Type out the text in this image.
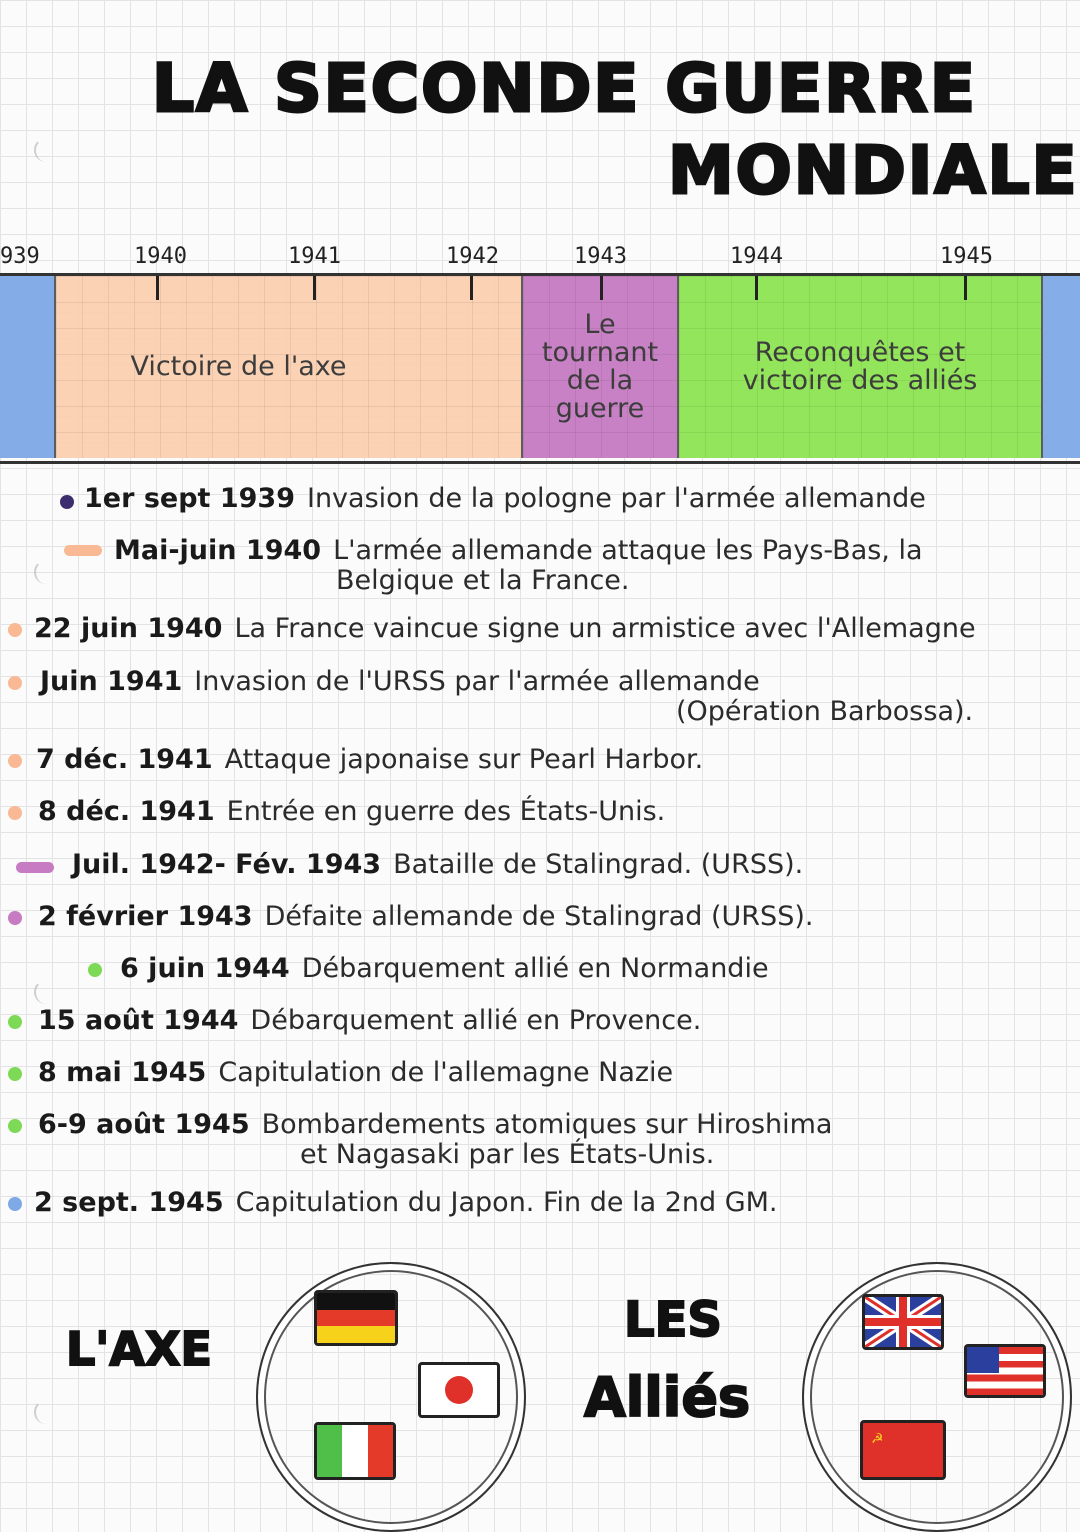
LA SECONDE GUERRE
MONDIALE
939	1940	1941	1942	1943	1944	1945
Victoire de l'axe
Le tournant de la guerre
Reconquêtes et victoire des alliés
1er sept 1939 Invasion de la pologne par l'armée allemande
Mai-juin 1940 L'armée allemande attaque les Pays-Bas, la
Belgique et la France.
22 juin 1940 La France vaincue signe un armistice avec l'Allemagne
Juin 1941 Invasion de l'URSS par l'armée allemande
(Opération Barbossa).
7 déc. 1941 Attaque japonaise sur Pearl Harbor.
8 déc. 1941 Entrée en guerre des États-Unis.
Juil. 1942- Fév. 1943 Bataille de Stalingrad. (URSS).
2 février 1943 Défaite allemande de Stalingrad (URSS).
6 juin 1944 Débarquement allié en Normandie
15 août 1944 Débarquement allié en Provence.
8 mai 1945 Capitulation de l'allemagne Nazie
6-9 août 1945 Bombardements atomiques sur Hiroshima
et Nagasaki par les États-Unis.
2 sept. 1945 Capitulation du Japon. Fin de la 2nd GM.
L'AXE
LES
Alliés
☭
